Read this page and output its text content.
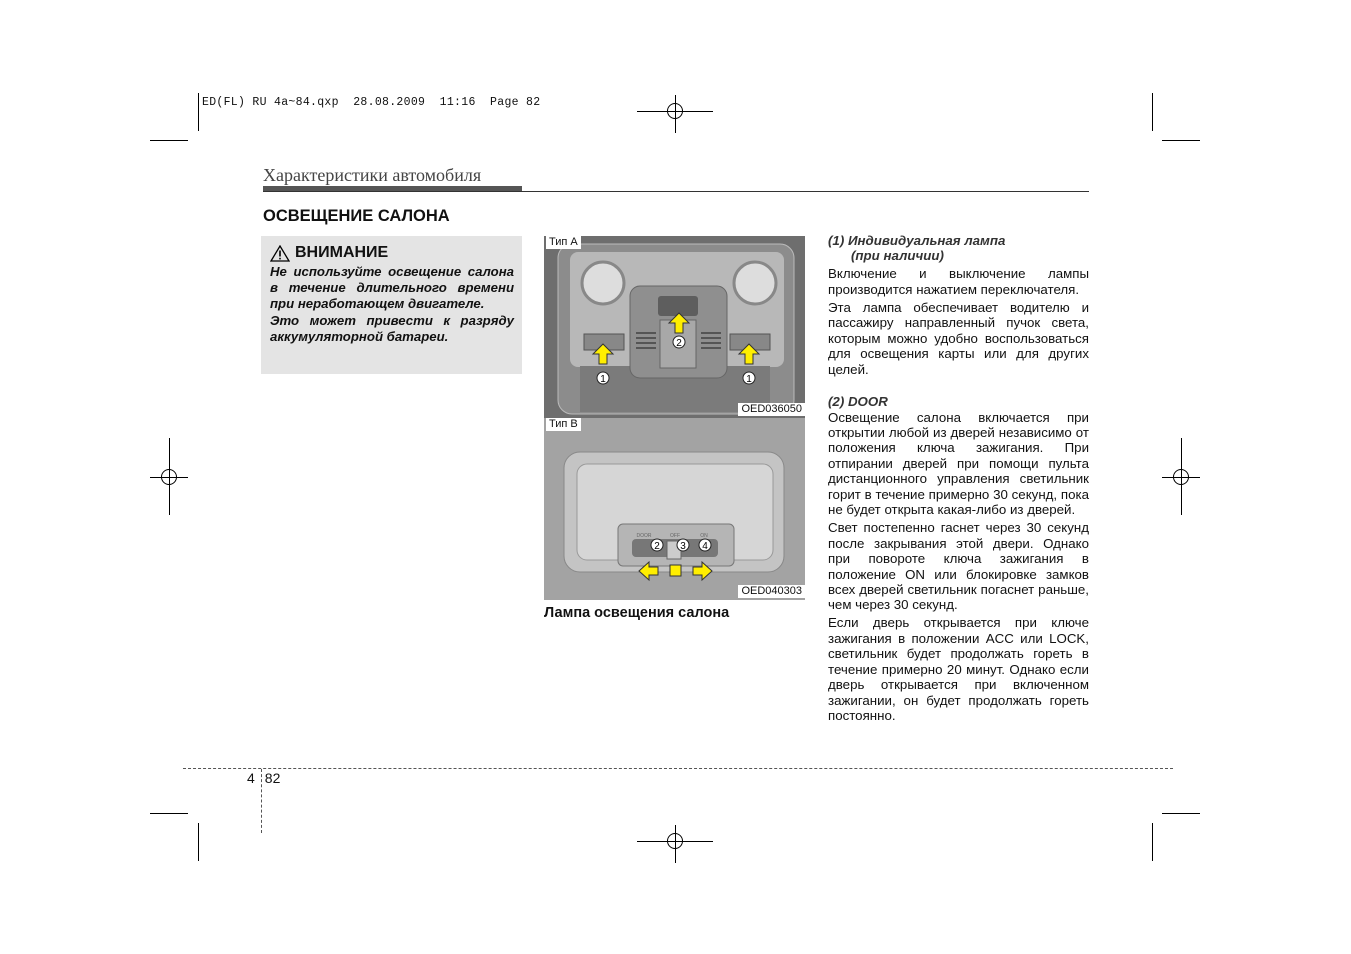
ED(FL) RU 4a~84.qxp  28.08.2009  11:16  Page 82
Характеристики автомобиля
ОСВЕЩЕНИЕ САЛОНА
ВНИМАНИЕ

Не используйте освещение салона в течение длительного времени при неработающем двигателе.

Это может привести к разряду аккумуляторной батареи.	2
1	1
Тип A
OED036050
DOOR	OFF	ON
2 3 4
Тип B
OED040303
Лампа освещения салона

(1) Индивидуальная лампа

(при наличии)

Включение и выключение лампы производится нажатием переключателя.

Эта лампа обеспечивает водителю и пассажиру направленный пучок света, которым можно удобно воспользоваться для освещения карты или для других целей.

(2) DOOR

Освещение салона включается при открытии любой из дверей независимо от положения ключа зажигания. При отпирании дверей при помощи пульта дистанционного управления светильник горит в течение примерно 30 секунд, пока не будет открыта какая-либо из дверей.

Свет постепенно гаснет через 30 секунд после закрывания этой двери. Однако при повороте ключа зажигания в положение ON или блокировке замков всех дверей светильник погаснет раньше, чем через 30 секунд.

Если дверь открывается при ключе зажигания в положении ACC или LOCK, светильник будет продолжать гореть в течение примерно 20 минут. Однако если дверь открывается при включенном зажигании, он будет продолжать гореть постоянно.

4 82
